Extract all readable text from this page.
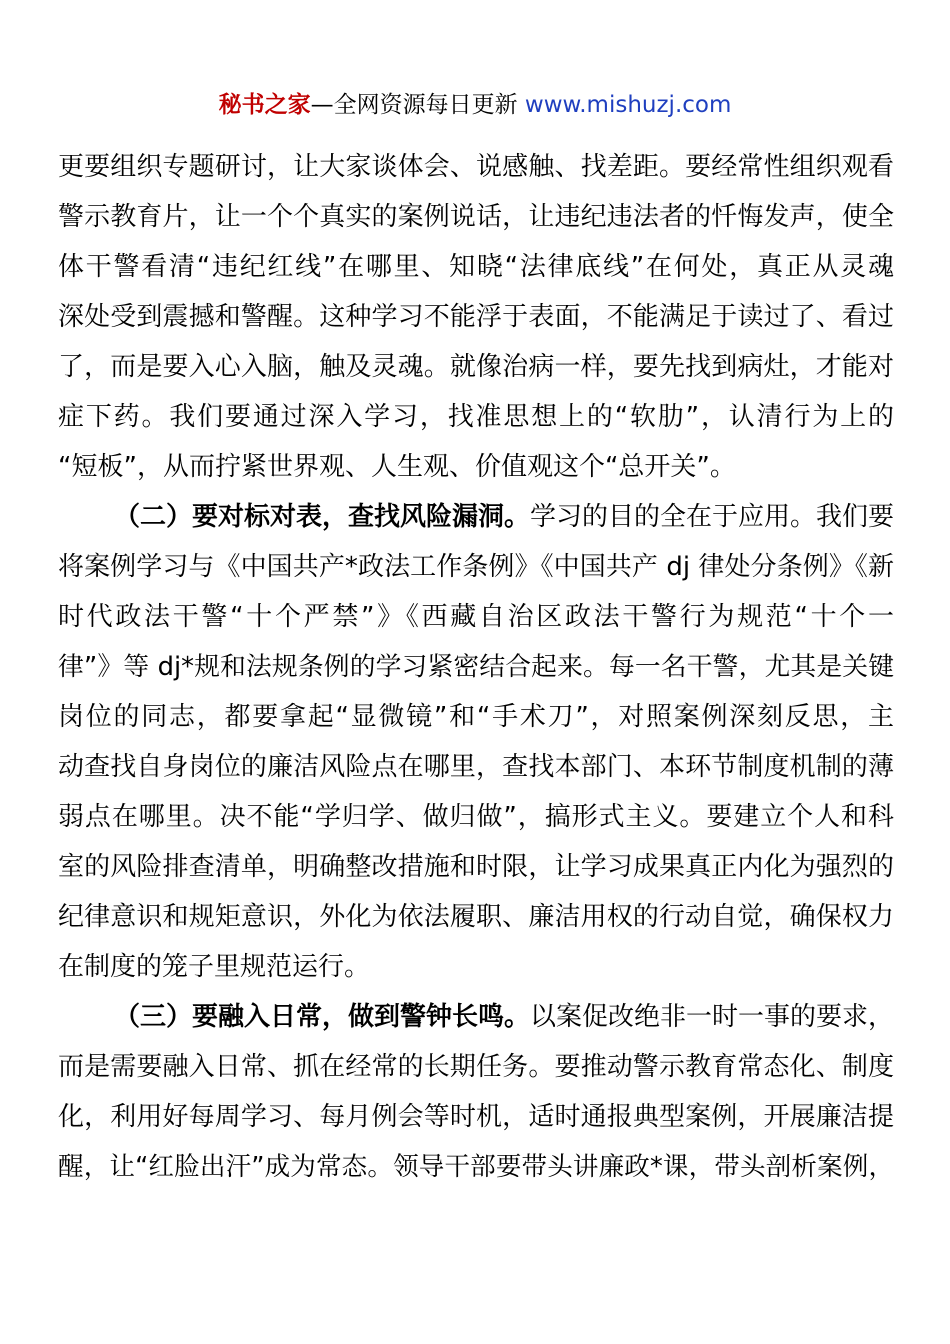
秘书之家—全网资源每日更新 www.mishuzj.com
更要组织专题研讨，让大家谈体会、说感触、找差距。要经常性组织观看
警示教育片，让一个个真实的案例说话，让违纪违法者的忏悔发声，使全
体干警看清“违纪红线”在哪里、知晓“法律底线”在何处，真正从灵魂
深处受到震撼和警醒。这种学习不能浮于表面，不能满足于读过了、看过
了，而是要入心入脑，触及灵魂。就像治病一样，要先找到病灶，才能对
症下药。我们要通过深入学习，找准思想上的“软肋”，认清行为上的
“短板”，从而拧紧世界观、人生观、价值观这个“总开关”。
（二）要对标对表，查找风险漏洞。学习的目的全在于应用。我们要
将案例学习与《中国共产*政法工作条例》《中国共产 dj 律处分条例》《新
时代政法干警“十个严禁”》《西藏自治区政法干警行为规范“十个一
律”》等 dj*规和法规条例的学习紧密结合起来。每一名干警，尤其是关键
岗位的同志，都要拿起“显微镜”和“手术刀”，对照案例深刻反思，主
动查找自身岗位的廉洁风险点在哪里，查找本部门、本环节制度机制的薄
弱点在哪里。决不能“学归学、做归做”，搞形式主义。要建立个人和科
室的风险排查清单，明确整改措施和时限，让学习成果真正内化为强烈的
纪律意识和规矩意识，外化为依法履职、廉洁用权的行动自觉，确保权力
在制度的笼子里规范运行。
（三）要融入日常，做到警钟长鸣。以案促改绝非一时一事的要求，
而是需要融入日常、抓在经常的长期任务。要推动警示教育常态化、制度
化，利用好每周学习、每月例会等时机，适时通报典型案例，开展廉洁提
醒，让“红脸出汗”成为常态。领导干部要带头讲廉政*课，带头剖析案例，
